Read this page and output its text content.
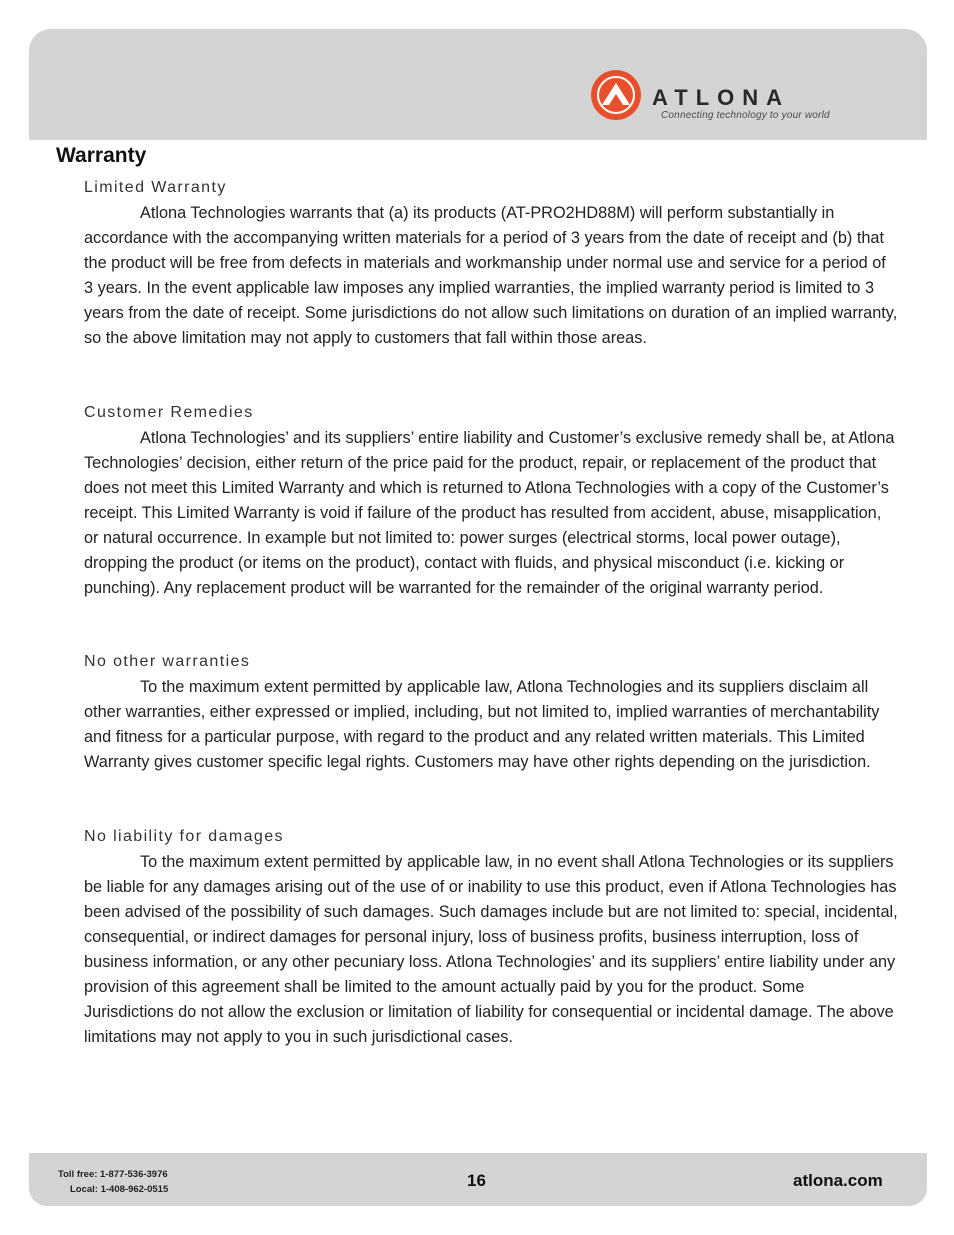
ATLONA
Connecting technology to your world
Warranty
Limited Warranty

Atlona Technologies warrants that (a) its products (AT-PRO2HD88M) will perform substantially in accordance with the accompanying written materials for a period of 3 years from the date of receipt and (b) that the product will be free from defects in materials and workmanship under normal use and service for a period of 3 years. In the event applicable law imposes any implied warranties, the implied warranty period is limited to 3 years from the date of receipt. Some jurisdictions do not allow such limitations on duration of an implied warranty, so the above limitation may not apply to customers that fall within those areas.

Customer Remedies

Atlona Technologies’ and its suppliers’ entire liability and Customer’s exclusive remedy shall be, at Atlona Technologies’ decision, either return of the price paid for the product, repair, or replacement of the product that does not meet this Limited Warranty and which is returned to Atlona Technologies with a copy of the Customer’s receipt. This Limited Warranty is void if failure of the product has resulted from accident, abuse, misapplication, or natural occurrence. In example but not limited to: power surges (electrical storms, local power outage), dropping the product (or items on the product), contact with fluids, and physical misconduct (i.e. kicking or punching). Any replacement product will be warranted for the remainder of the original warranty period.

No other warranties

To the maximum extent permitted by applicable law, Atlona Technologies and its suppliers disclaim all other warranties, either expressed or implied, including, but not limited to, implied warranties of merchantability and fitness for a particular purpose, with regard to the product and any related written materials. This Limited Warranty gives customer specific legal rights. Customers may have other rights depending on the jurisdiction.

No liability for damages

To the maximum extent permitted by applicable law, in no event shall Atlona Technologies or its suppliers be liable for any damages arising out of the use of or inability to use this product, even if Atlona Technologies has been advised of the possibility of such damages. Such damages include but are not limited to: special, incidental, consequential, or indirect damages for personal injury, loss of business profits, business interruption, loss of business information, or any other pecuniary loss. Atlona Technologies’ and its suppliers’ entire liability under any provision of this agreement shall be limited to the amount actually paid by you for the product. Some Jurisdictions do not allow the exclusion or limitation of liability for consequential or incidental damage. The above limitations may not apply to you in such jurisdictional cases.

Toll free: 1-877-536-3976
Local: 1-408-962-0515	16	atlona.com
